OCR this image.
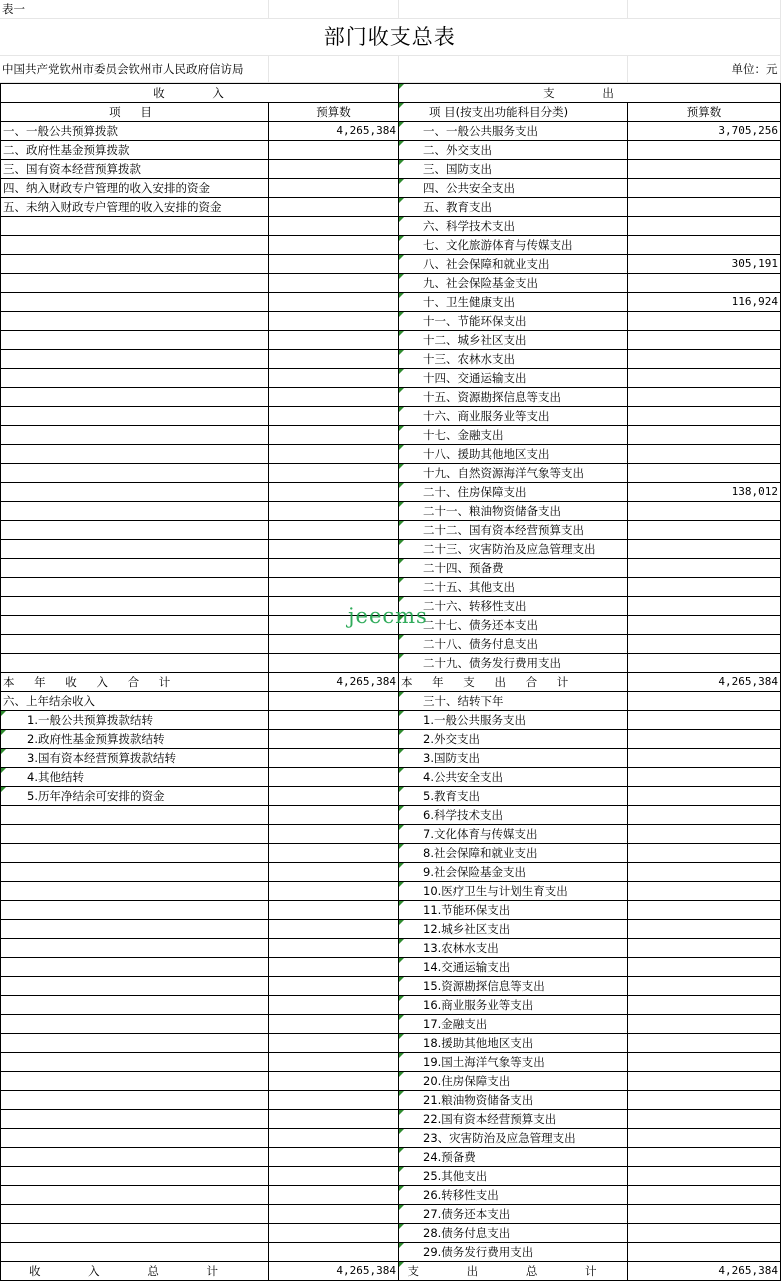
表一			
部门收支总表			
中国共产党钦州市委员会钦州市人民政府信访局			单位：元
收 入		支 出	
项 目	预算数	项 目(按支出功能科目分类)	预算数
一、一般公共预算拨款	4,265,384	一、一般公共服务支出	3,705,256
二、政府性基金预算拨款		二、外交支出	
三、国有资本经营预算拨款		三、国防支出	
四、纳入财政专户管理的收入安排的资金		四、公共安全支出	
五、未纳入财政专户管理的收入安排的资金		五、教育支出	
		六、科学技术支出	
		七、文化旅游体育与传媒支出	
		八、社会保障和就业支出	305,191
		九、社会保险基金支出	
		十、卫生健康支出	116,924
		十一、节能环保支出	
		十二、城乡社区支出	
		十三、农林水支出	
		十四、交通运输支出	
		十五、资源勘探信息等支出	
		十六、商业服务业等支出	
		十七、金融支出	
		十八、援助其他地区支出	
		十九、自然资源海洋气象等支出	
		二十、住房保障支出	138,012
		二十一、粮油物资储备支出	
		二十二、国有资本经营预算支出	
		二十三、灾害防治及应急管理支出	
		二十四、预备费	
		二十五、其他支出	
		二十六、转移性支出	
		二十七、债务还本支出	
		二十八、债务付息支出	
		二十九、债务发行费用支出	
本 年 收 入 合 计	4,265,384	本 年 支 出 合 计	4,265,384
六、上年结余收入		三十、结转下年	
1.一般公共预算拨款结转		1.一般公共服务支出	
2.政府性基金预算拨款结转		2.外交支出	
3.国有资本经营预算拨款结转		3.国防支出	
4.其他结转		4.公共安全支出	
5.历年净结余可安排的资金		5.教育支出	
		6.科学技术支出	
		7.文化体育与传媒支出	
		8.社会保障和就业支出	
		9.社会保险基金支出	
		10.医疗卫生与计划生育支出	
		11.节能环保支出	
		12.城乡社区支出	
		13.农林水支出	
		14.交通运输支出	
		15.资源勘探信息等支出	
		16.商业服务业等支出	
		17.金融支出	
		18.援助其他地区支出	
		19.国土海洋气象等支出	
		20.住房保障支出	
		21.粮油物资储备支出	
		22.国有资本经营预算支出	
		23、灾害防治及应急管理支出	
		24.预备费	
		25.其他支出	
		26.转移性支出	
		27.债务还本支出	
		28.债务付息支出	
		29.债务发行费用支出	
收 入 总 计	4,265,384	支 出 总 计	4,265,384
jeecms
